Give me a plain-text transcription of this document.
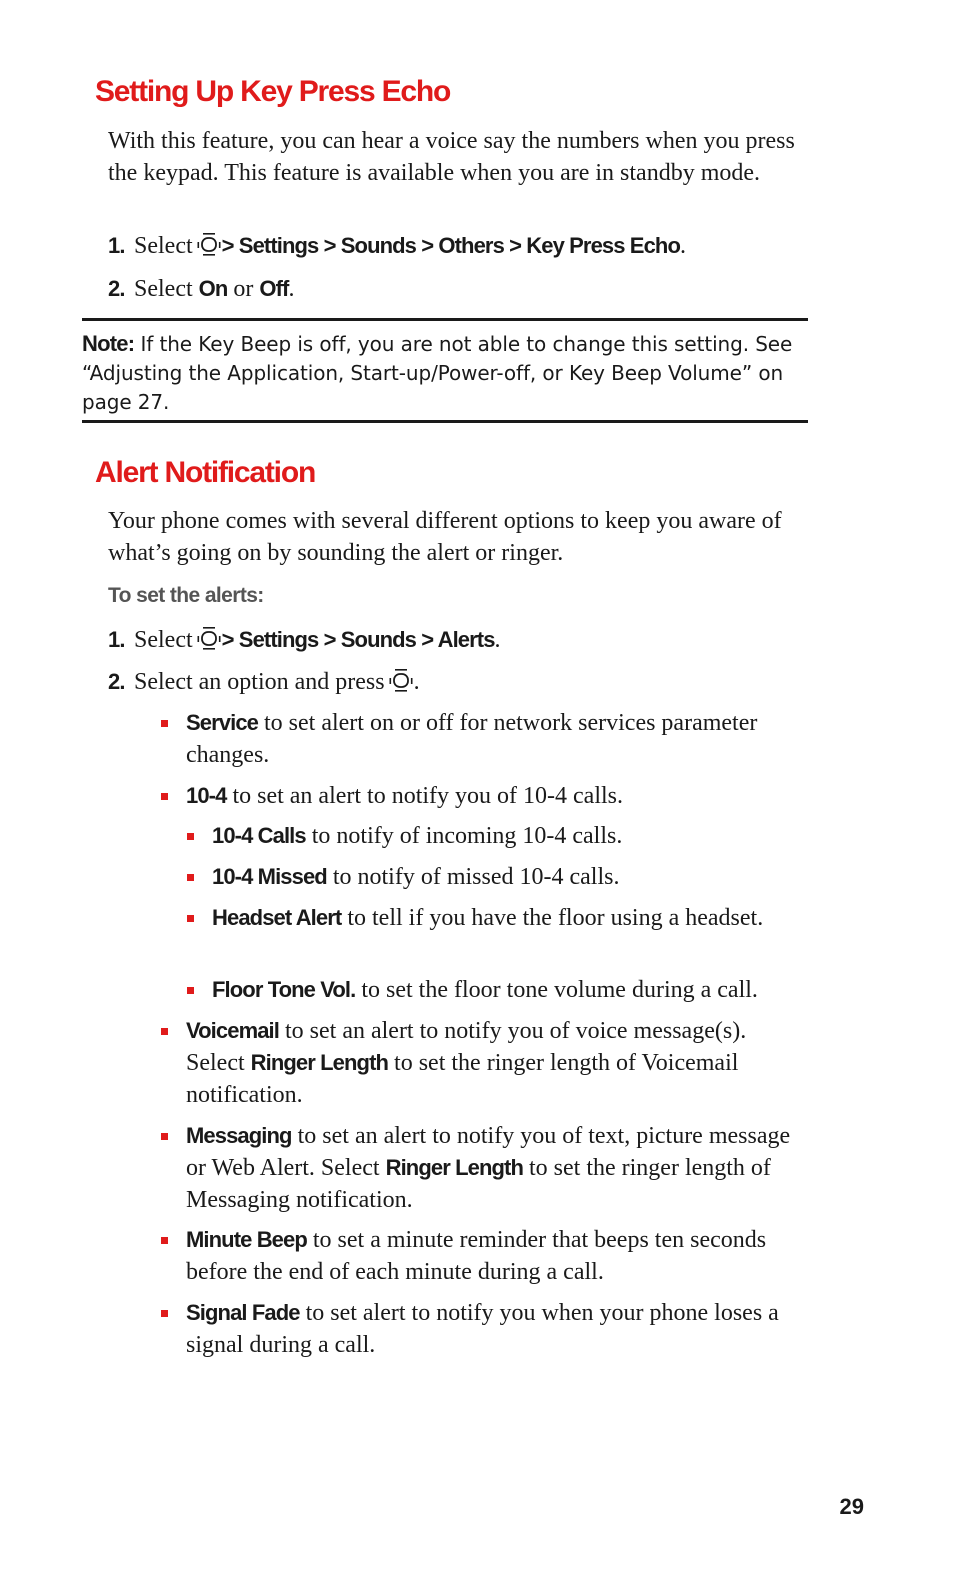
Setting Up Key Press Echo

With this feature, you can hear a voice say the numbers when you press the keypad. This feature is available when you are in standby mode.

1. Select > Settings > Sounds > Others > Key Press Echo.
2. Select On or Off.

Note: If the Key Beep is off, you are not able to change this setting. See “Adjusting the Application, Start-up/Power-off, or Key Beep Volume” on page 27.

Alert Notification

Your phone comes with several different options to keep you aware of what’s going on by sounding the alert or ringer.

To set the alerts:

1. Select > Settings > Sounds > Alerts.
2. Select an option and press .
Service to set alert on or off for network services parameter changes.
10-4 to set an alert to notify you of 10-4 calls.
10-4 Calls to notify of incoming 10-4 calls.
10-4 Missed to notify of missed 10-4 calls.
Headset Alert to tell if you have the floor using a headset.
Floor Tone Vol. to set the floor tone volume during a call.
Voicemail to set an alert to notify you of voice message(s). Select Ringer Length to set the ringer length of Voicemail notification.
Messaging to set an alert to notify you of text, picture message or Web Alert. Select Ringer Length to set the ringer length of Messaging notification.
Minute Beep to set a minute reminder that beeps ten seconds before the end of each minute during a call.
Signal Fade to set alert to notify you when your phone loses a signal during a call.
29
